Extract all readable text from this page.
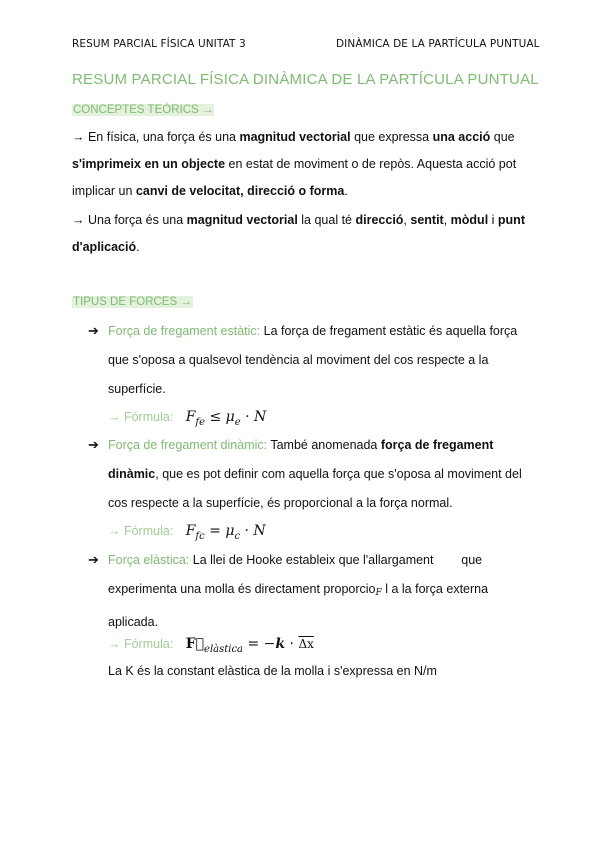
RESUM PARCIAL FÍSICA UNITAT 3	DINÀMICA DE LA PARTÍCULA PUNTUAL
RESUM PARCIAL FÍSICA DINÀMICA DE LA PARTÍCULA PUNTUAL
CONCEPTES TEÒRICS →
→ En física, una força és una magnitud vectorial que expressa una acció que s'imprimeix en un objecte en estat de moviment o de repòs. Aquesta acció pot implicar un canvi de velocitat, direcció o forma.
→ Una força és una magnitud vectorial la qual té direcció, sentit, mòdul i punt d'aplicació.
TIPUS DE FORCES →
➔ Força de fregament estàtic: La força de fregament estàtic és aquella força que s'oposa a qualsevol tendència al moviment del cos respecte a la superfície.
→ Fórmula: $F_{fe} \le \mu_e \cdot N$
➔ Força de fregament dinàmic: També anomenada força de fregament dinàmic, que es pot definir com aquella força que s'oposa al moviment del cos respecte a la superfície, és proporcional a la força normal.
→ Fórmula: $F_{fc} = \mu_c \cdot N$
➔ Força elàstica: La llei de Hooke estableix que l'allargament        que experimenta una molla és directament proporcioF l a la força externa aplicada.
→ Fórmula: $F⃗_{elàstica} = -k \cdot \overline{\Delta x}$
La K és la constant elàstica de la molla i s'expressa en N/m
